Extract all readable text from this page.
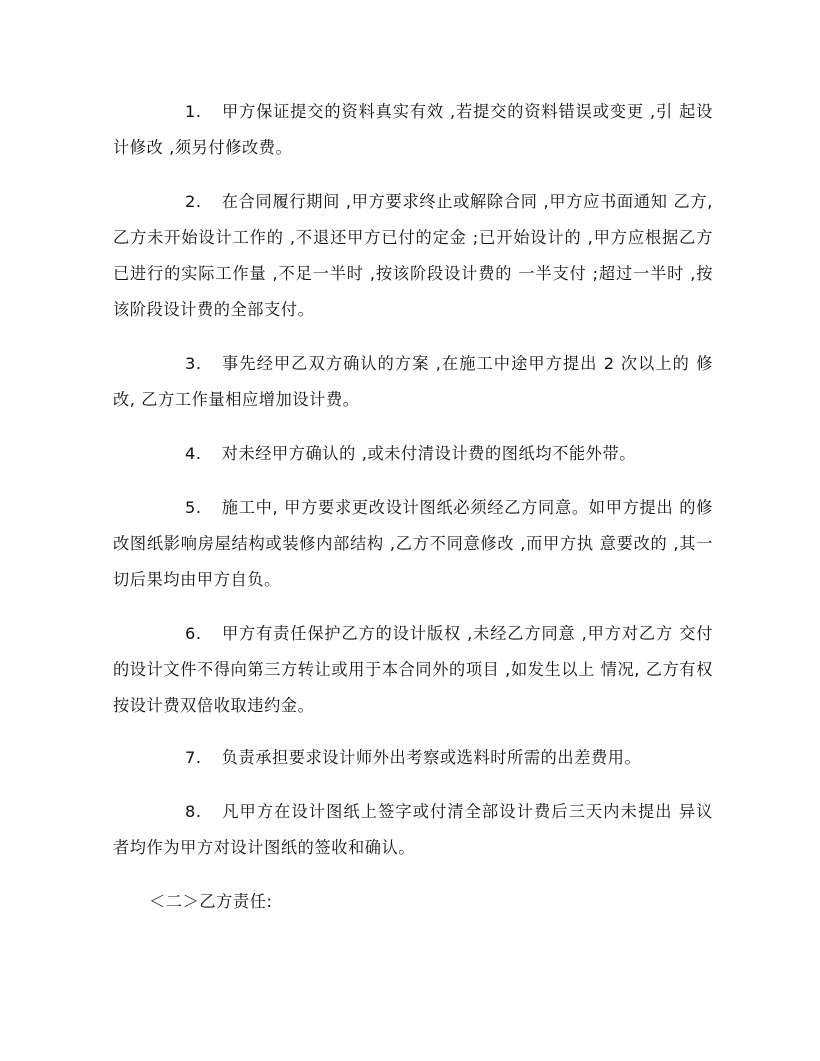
1. 甲方保证提交的资料真实有效 ,若提交的资料错误或变更 ,引 起设计修改 ,须另付修改费。

2. 在合同履行期间 ,甲方要求终止或解除合同 ,甲方应书面通知 乙方,乙方未开始设计工作的 ,不退还甲方已付的定金 ;已开始设计的 ,甲方应根据乙方已进行的实际工作量 ,不足一半时 ,按该阶段设计费的 一半支付 ;超过一半时 ,按该阶段设计费的全部支付。

3. 事先经甲乙双方确认的方案 ,在施工中途甲方提出 2 次以上的 修改, 乙方工作量相应增加设计费。

4. 对未经甲方确认的 ,或未付清设计费的图纸均不能外带。

5. 施工中, 甲方要求更改设计图纸必须经乙方同意。如甲方提出 的修改图纸影响房屋结构或装修内部结构 ,乙方不同意修改 ,而甲方执 意要改的 ,其一切后果均由甲方自负。

6. 甲方有责任保护乙方的设计版权 ,未经乙方同意 ,甲方对乙方 交付的设计文件不得向第三方转让或用于本合同外的项目 ,如发生以上 情况, 乙方有权按设计费双倍收取违约金。

7. 负责承担要求设计师外出考察或选料时所需的出差费用。

8. 凡甲方在设计图纸上签字或付清全部设计费后三天内未提出 异议者均作为甲方对设计图纸的签收和确认。

＜二＞乙方责任:
